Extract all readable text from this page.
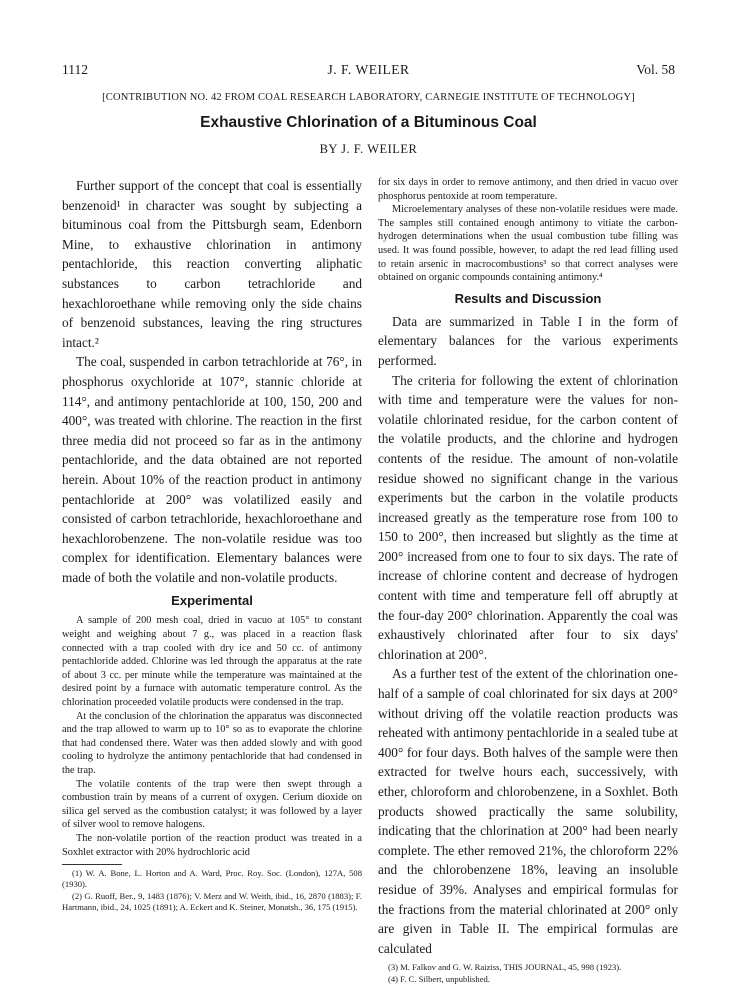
1112	J. F. WEILER	Vol. 58
[CONTRIBUTION NO. 42 FROM COAL RESEARCH LABORATORY, CARNEGIE INSTITUTE OF TECHNOLOGY]
Exhaustive Chlorination of a Bituminous Coal
BY J. F. WEILER

Further support of the concept that coal is essentially benzenoid¹ in character was sought by subjecting a bituminous coal from the Pittsburgh seam, Edenborn Mine, to exhaustive chlorination in antimony pentachloride, this reaction converting aliphatic substances to carbon tetrachloride and hexachloroethane while removing only the side chains of benzenoid substances, leaving the ring structures intact.²

The coal, suspended in carbon tetrachloride at 76°, in phosphorus oxychloride at 107°, stannic chloride at 114°, and antimony pentachloride at 100, 150, 200 and 400°, was treated with chlorine. The reaction in the first three media did not proceed so far as in the antimony pentachloride, and the data obtained are not reported herein. About 10% of the reaction product in antimony pentachloride at 200° was volatilized easily and consisted of carbon tetrachloride, hexachloroethane and hexachlorobenzene. The non-volatile residue was too complex for identification. Elementary balances were made of both the volatile and non-volatile products.

Experimental

A sample of 200 mesh coal, dried in vacuo at 105° to constant weight and weighing about 7 g., was placed in a reaction flask connected with a trap cooled with dry ice and 50 cc. of antimony pentachloride added. Chlorine was led through the apparatus at the rate of about 3 cc. per minute while the temperature was maintained at the desired point by a furnace with automatic temperature control. As the chlorination proceeded volatile products were condensed in the trap.

At the conclusion of the chlorination the apparatus was disconnected and the trap allowed to warm up to 10° so as to evaporate the chlorine that had condensed there. Water was then added slowly and with good cooling to hydrolyze the antimony pentachloride that had condensed in the trap.

The volatile contents of the trap were then swept through a combustion train by means of a current of oxygen. Cerium dioxide on silica gel served as the combustion catalyst; it was followed by a layer of silver wool to remove halogens.

The non-volatile portion of the reaction product was treated in a Soxhlet extractor with 20% hydrochloric acid

(1) W. A. Bone, L. Horton and A. Ward, Proc. Roy. Soc. (London), 127A, 508 (1930).

(2) G. Ruoff, Ber., 9, 1483 (1876); V. Merz and W. Weith, ibid., 16, 2870 (1883); F. Hartmann, ibid., 24, 1025 (1891); A. Eckert and K. Steiner, Monatsh., 36, 175 (1915).

for six days in order to remove antimony, and then dried in vacuo over phosphorus pentoxide at room temperature.

Microelementary analyses of these non-volatile residues were made. The samples still contained enough antimony to vitiate the carbon-hydrogen determinations when the usual combustion tube filling was used. It was found possible, however, to adapt the red lead filling used to retain arsenic in macrocombustions³ so that correct analyses were obtained on organic compounds containing antimony.⁴

Results and Discussion

Data are summarized in Table I in the form of elementary balances for the various experiments performed.

The criteria for following the extent of chlorination with time and temperature were the values for non-volatile chlorinated residue, for the carbon content of the volatile products, and the chlorine and hydrogen contents of the residue. The amount of non-volatile residue showed no significant change in the various experiments but the carbon in the volatile products increased greatly as the temperature rose from 100 to 150 to 200°, then increased but slightly as the time at 200° increased from one to four to six days. The rate of increase of chlorine content and decrease of hydrogen content with time and temperature fell off abruptly at the four-day 200° chlorination. Apparently the coal was exhaustively chlorinated after four to six days' chlorination at 200°.

As a further test of the extent of the chlorination one-half of a sample of coal chlorinated for six days at 200° without driving off the volatile reaction products was reheated with antimony pentachloride in a sealed tube at 400° for four days. Both halves of the sample were then extracted for twelve hours each, successively, with ether, chloroform and chlorobenzene, in a Soxhlet. Both products showed practically the same solubility, indicating that the chlorination at 200° had been nearly complete. The ether removed 21%, the chloroform 22% and the chlorobenzene 18%, leaving an insoluble residue of 39%. Analyses and empirical formulas for the fractions from the material chlorinated at 200° only are given in Table II. The empirical formulas are calculated

(3) M. Falkov and G. W. Raiziss, THIS JOURNAL, 45, 998 (1923).

(4) F. C. Silbert, unpublished.
